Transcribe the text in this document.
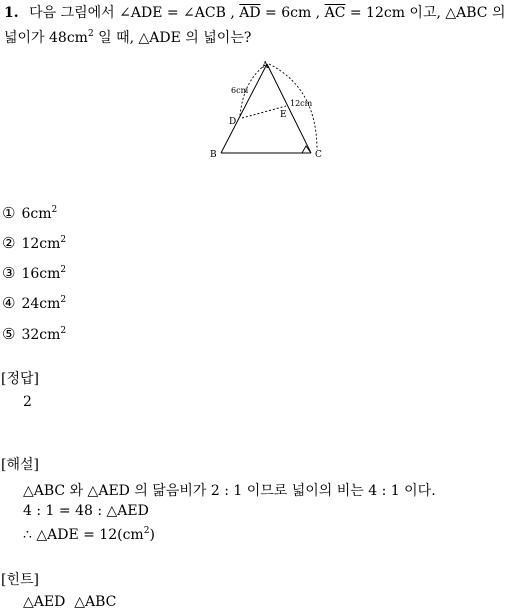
1. 다음 그림에서 ∠ADE = ∠ACB , $\overline{AD} = 6cm$ , $\overline{AC} = 12cm$ 이고, △ABC 의
넓이가 $48cm^2$ 일 때, △ADE 의 넓이는?
A
B	C
D
E
6cm
12cm
① $6cm^2$
② $12cm^2$
③ $16cm^2$
④ $24cm^2$
⑤ $32cm^2$
[정답]
2
[해설]
△ABC 와 △AED 의 닮음비가 2 : 1 이므로 넓이의 비는 4 : 1 이다.
4 : 1 = 48 : △AED
∴ △ADE = $12(cm^2)$
[힌트]
△AED  △ABC
